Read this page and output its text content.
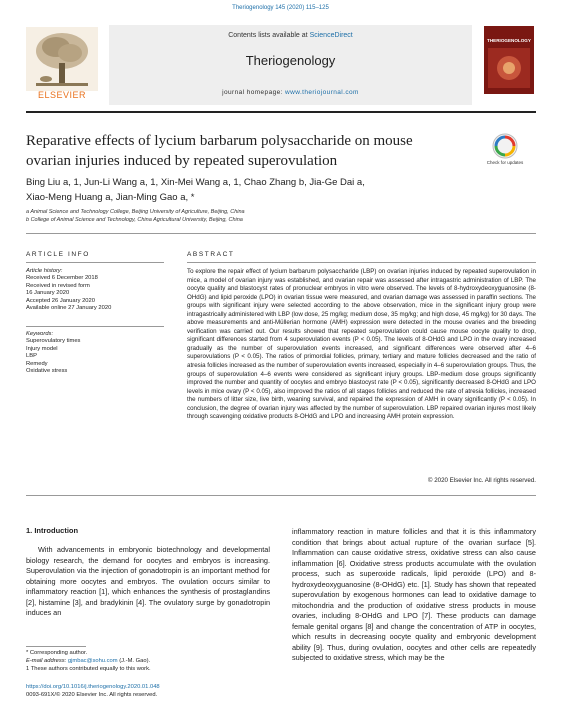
Theriogenology 145 (2020) 115–125
Contents lists available at ScienceDirect
Theriogenology
journal homepage: www.theriojournal.com
ELSEVIER
THERIOGENOLOGY
Reparative effects of lycium barbarum polysaccharide on mouse ovarian injuries induced by repeated superovulation	Check for updates
Bing Liu a, 1, Jun-Li Wang a, 1, Xin-Mei Wang a, 1, Chao Zhang b, Jia-Ge Dai a,
Xiao-Meng Huang a, Jian-Ming Gao a, *
a Animal Science and Technology College, Beijing University of Agriculture, Beijing, China
b College of Animal Science and Technology, China Agricultural University, Beijing, China
ARTICLE INFO	ABSTRACT
Article history:
Received 6 December 2018
Received in revised form
16 January 2020
Accepted 26 January 2020
Available online 27 January 2020
Keywords:
Superovulatory times
Injury model
LBP
Remedy
Oxidative stress
To explore the repair effect of lycium barbarum polysaccharide (LBP) on ovarian injuries induced by repeated superovulation in mice, a model of ovarian injury was established, and ovarian repair was assessed after intragastric administration of LBP. The oocyte quality and blastocyst rates of pronuclear embryos in vitro were observed. The levels of 8-hydroxydeoxyguanosine (8-OHdG) and lipid peroxide (LPO) in ovarian tissue were measured, and ovarian damage was assessed in paraffin sections. The groups with significant injury were selected according to the above observation, mice in the significant injury group were intragastrically administered with LBP (low dose, 25 mg/kg; medium dose, 35 mg/kg; and high dose, 45 mg/kg) for 30 days. The above measurements and anti-Müllerian hormone (AMH) expression were detected in the mouse ovaries and the breeding verification was carried out. Our results showed that repeated superovulation could cause mouse oocyte quality to drop, significant differences started from 4 superovulation events (P < 0.05). The levels of 8-OHdG and LPO in the ovary increased gradually as the number of superovulation events increased, and significant differences were observed after 4–6 superovulations (P < 0.05). The ratios of primordial follicles, primary, tertiary and mature follicles decreased and the ratio of atresia follicles increased as the number of superovulation events increased, especially in 4–6 superovulation groups. Thus, the groups of superovulation 4–6 events were considered as significant injury groups. LBP-medium dose groups significantly improved the number and quantity of oocytes and embryo blastocyst rate (P < 0.05), significantly decreased 8-OHdG and LPO levels in mice ovary (P < 0.05), also improved the ratios of all stages follicles and reduced the rate of atresia follicles, increased the numbers of litter size, live birth, weaning survival, and repaired the expression of AMH in ovary significantly (P < 0.05). In conclusion, the degree of ovarian injury was affected by the number of superovulation. LBP repaired ovarian injures most likely through scavenging oxidative products 8-OHdG and LPO and increasing AMH protein expression.
© 2020 Elsevier Inc. All rights reserved.
1. Introduction

With advancements in embryonic biotechnology and developmental biology research, the demand for oocytes and embryos is increasing. Superovulation via the injection of gonadotropin is an important method for obtaining more oocytes and embryos. The ovulation occurs similar to inflammatory reaction [1], which enhances the synthesis of prostaglandins [2], histamine [3], and bradykinin [4]. The ovulatory surge by gonadotropin induces an

inflammatory reaction in mature follicles and that it is this inflammatory condition that brings about actual rupture of the ovarian surface [5]. Inflammation can cause oxidative stress, oxidative stress can also cause inflammation [6]. Oxidative stress products accumulate with the ovulation process, such as superoxide radicals, lipid peroxide (LPO) and 8-hydroxydeoxyguanosine (8-OHdG) etc. [1]. Study has shown that repeated superovulation by exogenous hormones can lead to oxidative damage to mitochondria and the production of oxidative stress products in mouse ovaries, including 8-OHdG and LPO [7]. These products can damage female genital organs [8] and change the concentration of ATP in oocytes, which results in decreasing oocyte quality and embryonic development ability [9]. Thus, during ovulation, oocytes and other cells are repeatedly subjected to oxidative stress, which may be the

* Corresponding author.
E-mail address: gjmbac@sohu.com (J.-M. Gao).
1 These authors contributed equally to this work.
https://doi.org/10.1016/j.theriogenology.2020.01.048
0093-691X/© 2020 Elsevier Inc. All rights reserved.
